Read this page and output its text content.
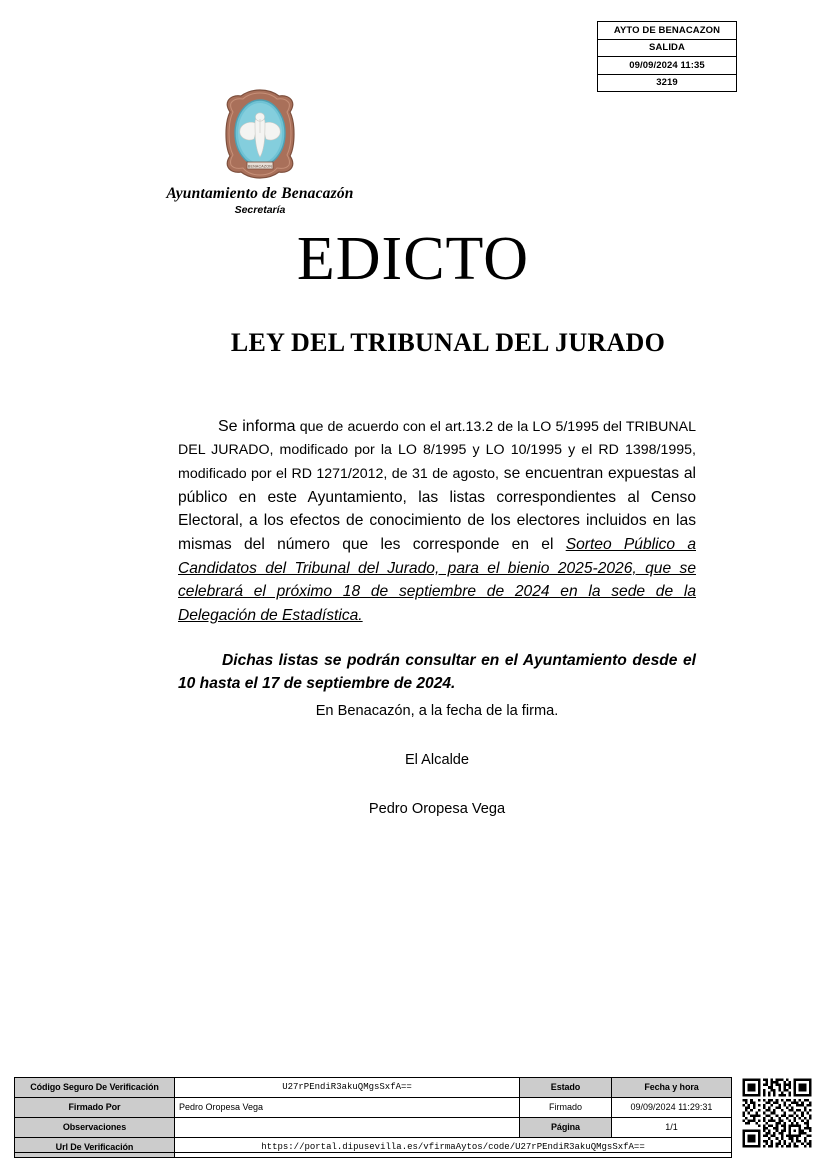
AYTO DE BENACAZON
SALIDA
09/09/2024 11:35
3219
BENACAZON
Ayuntamiento de Benacazón
Secretaría
EDICTO
LEY DEL TRIBUNAL DEL JURADO

Se informa que de acuerdo con el art.13.2 de la LO 5/1995 del TRIBUNAL DEL JURADO, modificado por la LO 8/1995 y LO 10/1995 y el RD 1398/1995, modificado por el RD 1271/2012, de 31 de agosto, se encuentran expuestas al público en este Ayuntamiento, las listas correspondientes al Censo Electoral, a los efectos de conocimiento de los electores incluidos en las mismas del número que les corresponde en el Sorteo Público a Candidatos del Tribunal del Jurado, para el bienio 2025-2026, que se celebrará el próximo 18 de septiembre de 2024 en la sede de la Delegación de Estadística.

Dichas listas se podrán consultar en el Ayuntamiento desde el 10 hasta el 17 de septiembre de 2024.

En Benacazón, a la fecha de la firma.

El Alcalde

Pedro Oropesa Vega

Código Seguro De Verificación	U27rPEndiR3akuQMgsSxfA==	Estado	Fecha y hora
Firmado Por	Pedro Oropesa Vega	Firmado	09/09/2024 11:29:31
Observaciones		Página	1/1
Url De Verificación	https://portal.dipusevilla.es/vfirmaAytos/code/U27rPEndiR3akuQMgsSxfA==		
